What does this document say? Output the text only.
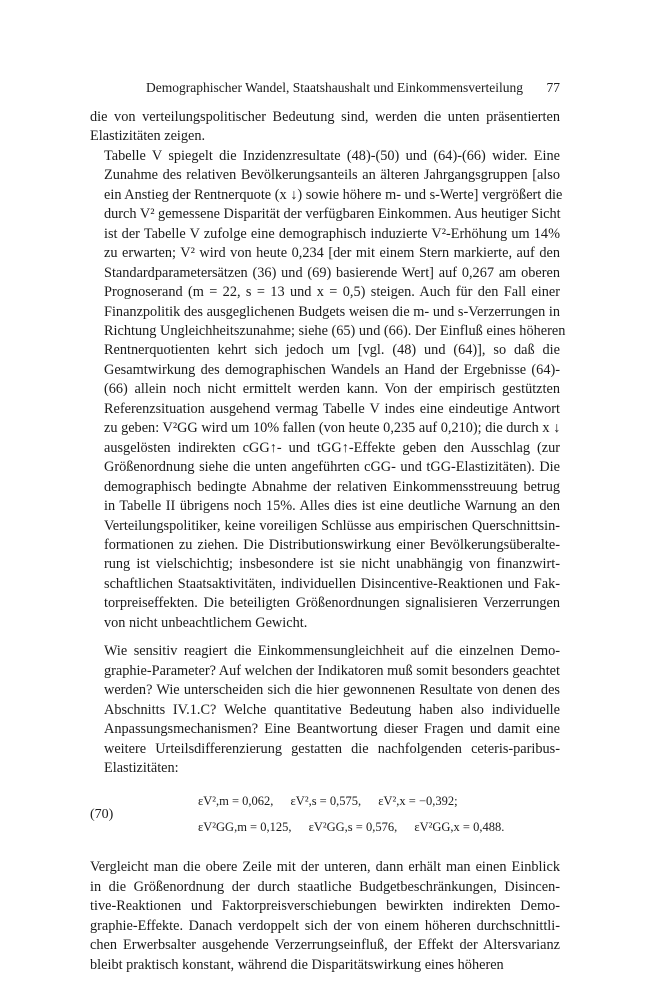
Demographischer Wandel, Staatshaushalt und Einkommensverteilung 77

die von verteilungspolitischer Bedeutung sind, werden die unten präsentierten
Elastizitäten zeigen.

Tabelle V spiegelt die Inzidenzresultate (48)-(50) und (64)-(66) wider. Eine
Zunahme des relativen Bevölkerungsanteils an älteren Jahrgangsgruppen [also
ein Anstieg der Rentnerquote (x ↓) sowie höhere m- und s-Werte] vergrößert die
durch V² gemessene Disparität der verfügbaren Einkommen. Aus heutiger Sicht
ist der Tabelle V zufolge eine demographisch induzierte V²-Erhöhung um 14%
zu erwarten; V² wird von heute 0,234 [der mit einem Stern markierte, auf den
Standardparametersätzen (36) und (69) basierende Wert] auf 0,267 am oberen
Prognoserand (m = 22, s = 13 und x = 0,5) steigen. Auch für den Fall einer
Finanzpolitik des ausgeglichenen Budgets weisen die m- und s-Verzerrungen in
Richtung Ungleichheitszunahme; siehe (65) und (66). Der Einfluß eines höheren
Rentnerquotienten kehrt sich jedoch um [vgl. (48) und (64)], so daß die
Gesamtwirkung des demographischen Wandels an Hand der Ergebnisse (64)-
(66) allein noch nicht ermittelt werden kann. Von der empirisch gestützten
Referenzsituation ausgehend vermag Tabelle V indes eine eindeutige Antwort
zu geben: V²GG wird um 10% fallen (von heute 0,235 auf 0,210); die durch x ↓
ausgelösten indirekten cGG↑- und tGG↑-Effekte geben den Ausschlag (zur
Größenordnung siehe die unten angeführten cGG- und tGG-Elastizitäten). Die
demographisch bedingte Abnahme der relativen Einkommensstreuung betrug
in Tabelle II übrigens noch 15%. Alles dies ist eine deutliche Warnung an den
Verteilungspolitiker, keine voreiligen Schlüsse aus empirischen Querschnittsin-
formationen zu ziehen. Die Distributionswirkung einer Bevölkerungsüberalte-
rung ist vielschichtig; insbesondere ist sie nicht unabhängig von finanzwirt-
schaftlichen Staatsaktivitäten, individuellen Disincentive-Reaktionen und Fak-
torpreiseffekten. Die beteiligten Größenordnungen signalisieren Verzerrungen
von nicht unbeachtlichem Gewicht.

Wie sensitiv reagiert die Einkommensungleichheit auf die einzelnen Demo-
graphie-Parameter? Auf welchen der Indikatoren muß somit besonders geachtet
werden? Wie unterscheiden sich die hier gewonnenen Resultate von denen des
Abschnitts IV.1.C? Welche quantitative Bedeutung haben also individuelle
Anpassungsmechanismen? Eine Beantwortung dieser Fragen und damit eine
weitere Urteilsdifferenzierung gestatten die nachfolgenden ceteris-paribus-
Elastizitäten:

(70)
εV²,m = 0,062, εV²,s = 0,575, εV²,x = −0,392;
εV²GG,m = 0,125, εV²GG,s = 0,576, εV²GG,x = 0,488.

Vergleicht man die obere Zeile mit der unteren, dann erhält man einen Einblick
in die Größenordnung der durch staatliche Budgetbeschränkungen, Disincen-
tive-Reaktionen und Faktorpreisverschiebungen bewirkten indirekten Demo-
graphie-Effekte. Danach verdoppelt sich der von einem höheren durchschnittli-
chen Erwerbsalter ausgehende Verzerrungseinfluß, der Effekt der Altersvarianz
bleibt praktisch konstant, während die Disparitätswirkung eines höheren
